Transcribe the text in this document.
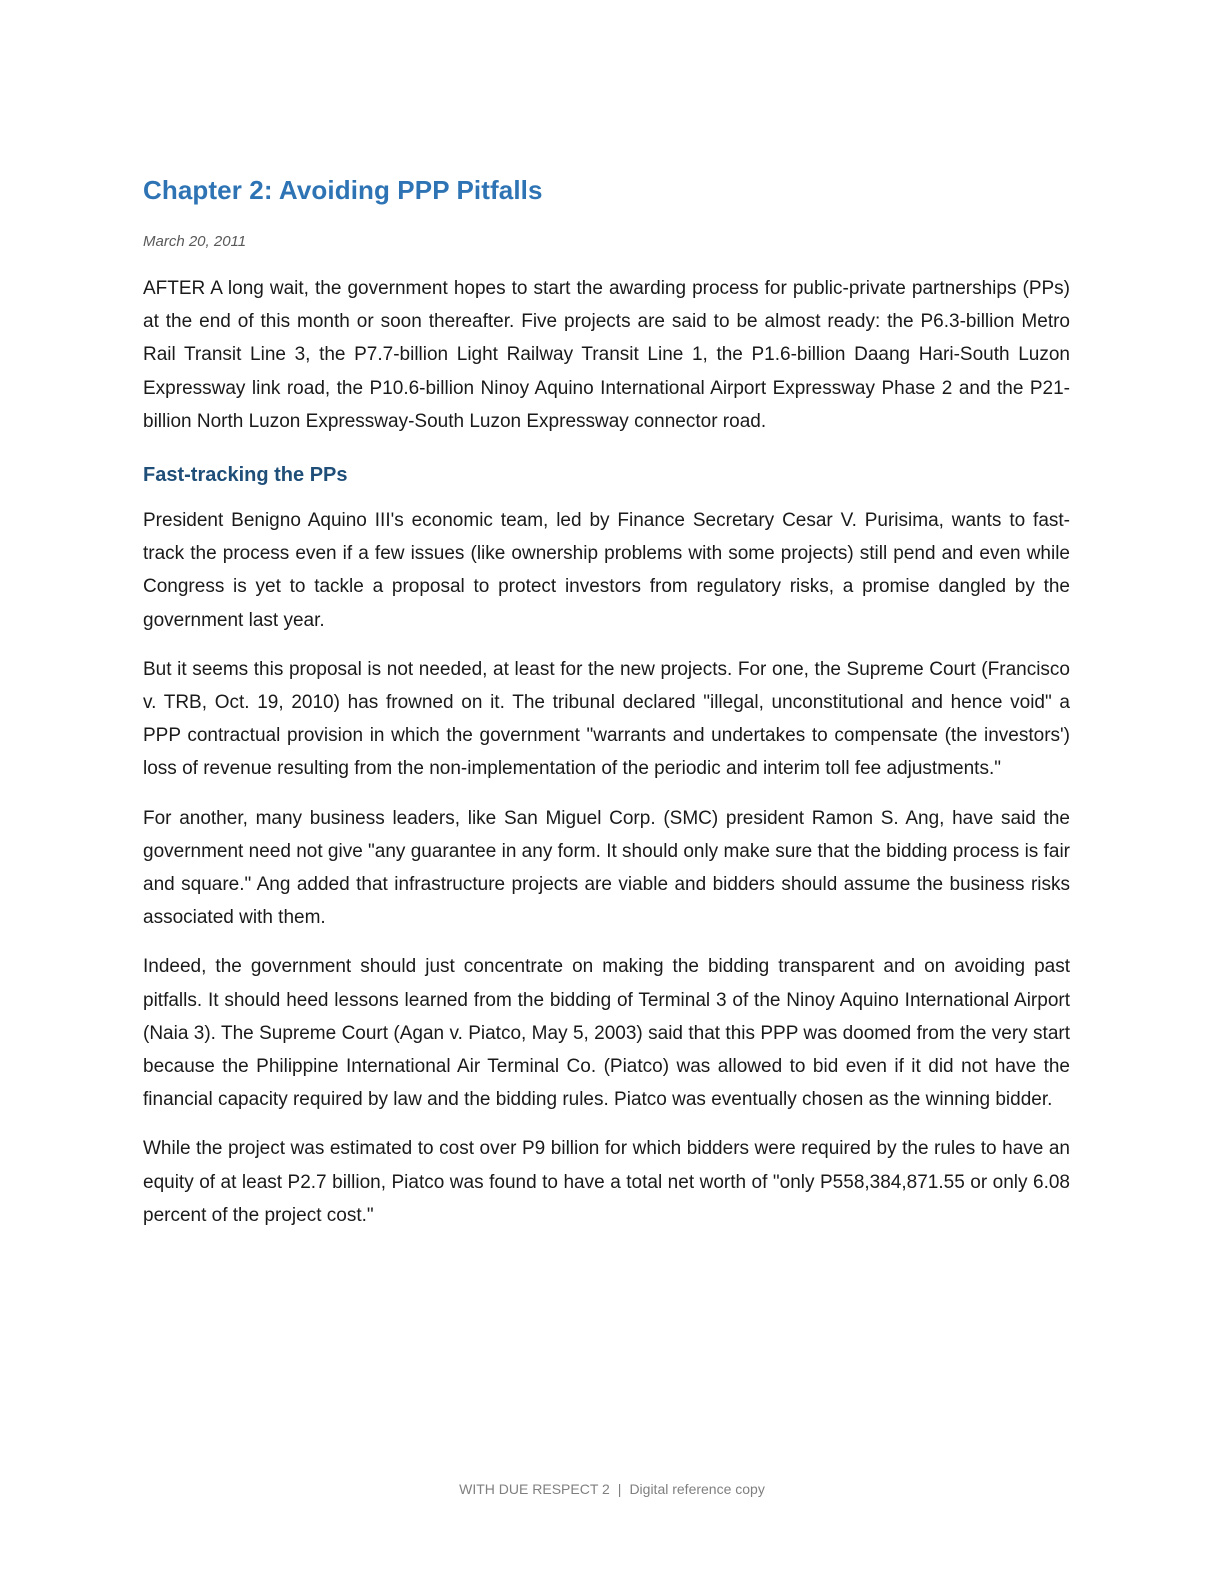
Chapter 2: Avoiding PPP Pitfalls

March 20, 2011

AFTER A long wait, the government hopes to start the awarding process for public-private partnerships (PPs) at the end of this month or soon thereafter. Five projects are said to be almost ready: the P6.3-billion Metro Rail Transit Line 3, the P7.7-billion Light Railway Transit Line 1, the P1.6-billion Daang Hari-South Luzon Expressway link road, the P10.6-billion Ninoy Aquino International Airport Expressway Phase 2 and the P21-billion North Luzon Expressway-South Luzon Expressway connector road.

Fast-tracking the PPs

President Benigno Aquino III's economic team, led by Finance Secretary Cesar V. Purisima, wants to fast-track the process even if a few issues (like ownership problems with some projects) still pend and even while Congress is yet to tackle a proposal to protect investors from regulatory risks, a promise dangled by the government last year.

But it seems this proposal is not needed, at least for the new projects. For one, the Supreme Court (Francisco v. TRB, Oct. 19, 2010) has frowned on it. The tribunal declared "illegal, unconstitutional and hence void" a PPP contractual provision in which the government "warrants and undertakes to compensate (the investors') loss of revenue resulting from the non-implementation of the periodic and interim toll fee adjustments."

For another, many business leaders, like San Miguel Corp. (SMC) president Ramon S. Ang, have said the government need not give "any guarantee in any form. It should only make sure that the bidding process is fair and square." Ang added that infrastructure projects are viable and bidders should assume the business risks associated with them.

Indeed, the government should just concentrate on making the bidding transparent and on avoiding past pitfalls. It should heed lessons learned from the bidding of Terminal 3 of the Ninoy Aquino International Airport (Naia 3). The Supreme Court (Agan v. Piatco, May 5, 2003) said that this PPP was doomed from the very start because the Philippine International Air Terminal Co. (Piatco) was allowed to bid even if it did not have the financial capacity required by law and the bidding rules. Piatco was eventually chosen as the winning bidder.

While the project was estimated to cost over P9 billion for which bidders were required by the rules to have an equity of at least P2.7 billion, Piatco was found to have a total net worth of "only P558,384,871.55 or only 6.08 percent of the project cost."

WITH DUE RESPECT 2 | Digital reference copy
